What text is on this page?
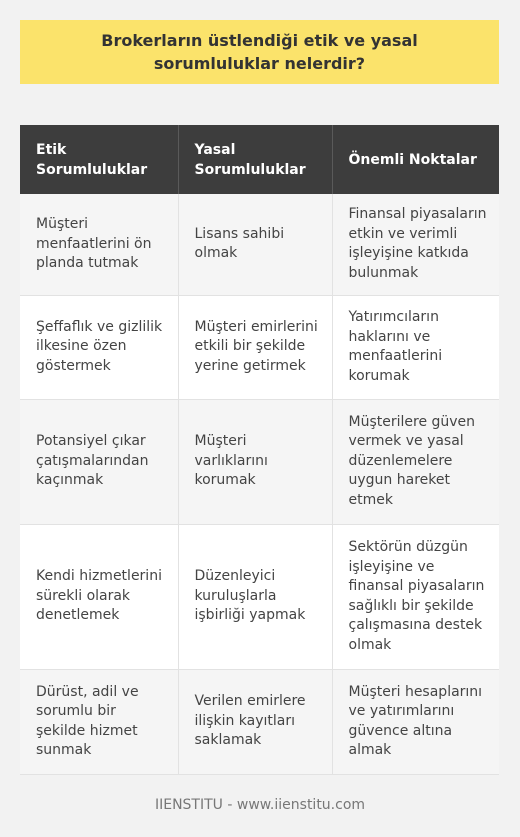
Brokerların üstlendiği etik ve yasal sorumluluklar nelerdir?
Etik Sorumluluklar	Yasal Sorumluluklar	Önemli Noktalar
Müşteri menfaatlerini ön planda tutmak	Lisans sahibi olmak	Finansal piyasaların etkin ve verimli işleyişine katkıda bulunmak
Şeffaflık ve gizlilik ilkesine özen göstermek	Müşteri emirlerini etkili bir şekilde yerine getirmek	Yatırımcıların haklarını ve menfaatlerini korumak
Potansiyel çıkar çatışmalarından kaçınmak	Müşteri varlıklarını korumak	Müşterilere güven vermek ve yasal düzenlemelere uygun hareket etmek
Kendi hizmetlerini sürekli olarak denetlemek	Düzenleyici kuruluşlarla işbirliği yapmak	Sektörün düzgün işleyişine ve finansal piyasaların sağlıklı bir şekilde çalışmasına destek olmak
Dürüst, adil ve sorumlu bir şekilde hizmet sunmak	Verilen emirlere ilişkin kayıtları saklamak	Müşteri hesaplarını ve yatırımlarını güvence altına almak
IIENSTITU - www.iienstitu.com
